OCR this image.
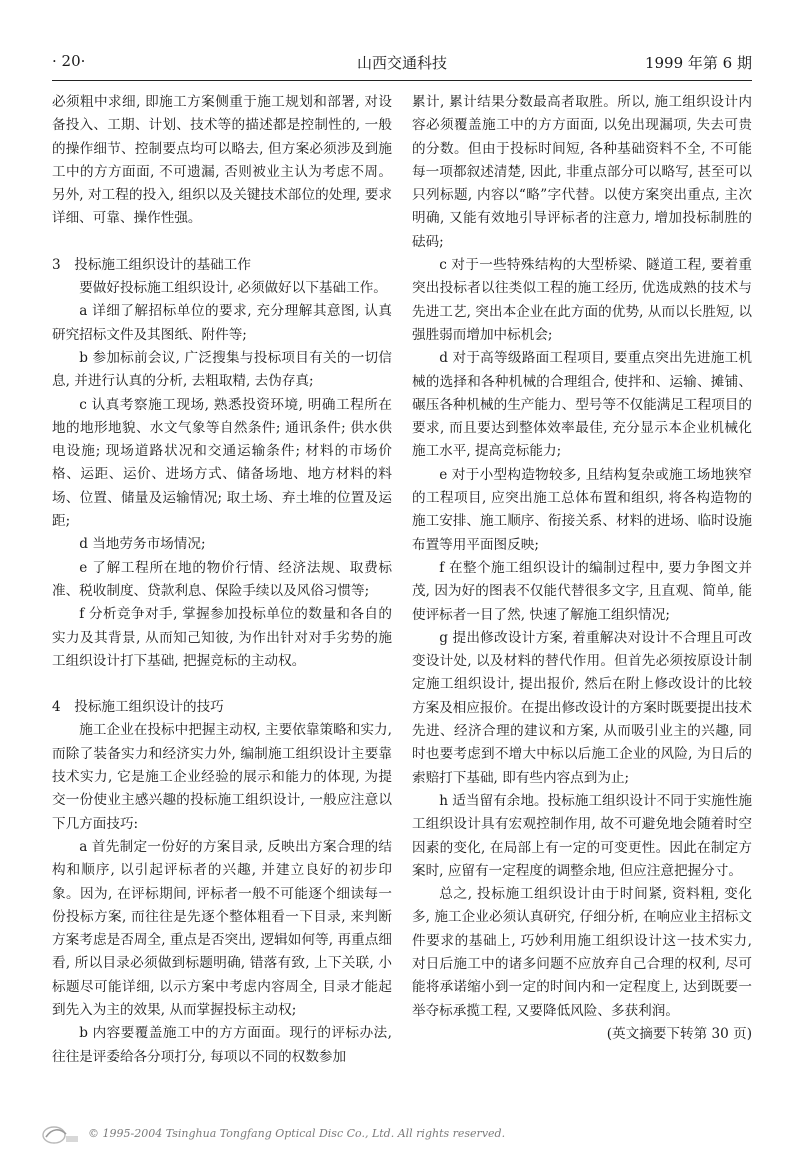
· 20·	山西交通科技	1999 年第 6 期

必须粗中求细, 即施工方案侧重于施工规划和部署, 对设备投入、工期、计划、技术等的描述都是控制性的, 一般的操作细节、控制要点均可以略去, 但方案必须涉及到施工中的方方面面, 不可遗漏, 否则被业主认为考虑不周。另外, 对工程的投入, 组织以及关键技术部位的处理, 要求详细、可靠、操作性强。

3　投标施工组织设计的基础工作

要做好投标施工组织设计, 必须做好以下基础工作。

a 详细了解招标单位的要求, 充分理解其意图, 认真研究招标文件及其图纸、附件等;

b 参加标前会议, 广泛搜集与投标项目有关的一切信息, 并进行认真的分析, 去粗取精, 去伪存真;

c 认真考察施工现场, 熟悉投资环境, 明确工程所在地的地形地貌、水文气象等自然条件; 通讯条件; 供水供电设施; 现场道路状况和交通运输条件; 材料的市场价格、运距、运价、进场方式、储备场地、地方材料的料场、位置、储量及运输情况; 取土场、弃土堆的位置及运距;

d 当地劳务市场情况;

e 了解工程所在地的物价行情、经济法规、取费标准、税收制度、贷款利息、保险手续以及风俗习惯等;

f 分析竞争对手, 掌握参加投标单位的数量和各自的实力及其背景, 从而知己知彼, 为作出针对对手劣势的施工组织设计打下基础, 把握竞标的主动权。

4　投标施工组织设计的技巧

施工企业在投标中把握主动权, 主要依靠策略和实力, 而除了装备实力和经济实力外, 编制施工组织设计主要靠技术实力, 它是施工企业经验的展示和能力的体现, 为提交一份使业主感兴趣的投标施工组织设计, 一般应注意以下几方面技巧:

a 首先制定一份好的方案目录, 反映出方案合理的结构和顺序, 以引起评标者的兴趣, 并建立良好的初步印象。因为, 在评标期间, 评标者一般不可能逐个细读每一份投标方案, 而往往是先逐个整体粗看一下目录, 来判断方案考虑是否周全, 重点是否突出, 逻辑如何等, 再重点细看, 所以目录必须做到标题明确, 错落有致, 上下关联, 小标题尽可能详细, 以示方案中考虑内容周全, 目录才能起到先入为主的效果, 从而掌握投标主动权;

b 内容要覆盖施工中的方方面面。现行的评标办法, 往往是评委给各分项打分, 每项以不同的权数参加

累计, 累计结果分数最高者取胜。所以, 施工组织设计内容必须覆盖施工中的方方面面, 以免出现漏项, 失去可贵的分数。但由于投标时间短, 各种基础资料不全, 不可能每一项都叙述清楚, 因此, 非重点部分可以略写, 甚至可以只列标题, 内容以“略”字代替。以使方案突出重点, 主次明确, 又能有效地引导评标者的注意力, 增加投标制胜的砝码;

c 对于一些特殊结构的大型桥梁、隧道工程, 要着重突出投标者以往类似工程的施工经历, 优选成熟的技术与先进工艺, 突出本企业在此方面的优势, 从而以长胜短, 以强胜弱而增加中标机会;

d 对于高等级路面工程项目, 要重点突出先进施工机械的选择和各种机械的合理组合, 使拌和、运输、摊铺、碾压各种机械的生产能力、型号等不仅能满足工程项目的要求, 而且要达到整体效率最佳, 充分显示本企业机械化施工水平, 提高竞标能力;

e 对于小型构造物较多, 且结构复杂或施工场地狭窄的工程项目, 应突出施工总体布置和组织, 将各构造物的施工安排、施工顺序、衔接关系、材料的进场、临时设施布置等用平面图反映;

f 在整个施工组织设计的编制过程中, 要力争图文并茂, 因为好的图表不仅能代替很多文字, 且直观、简单, 能使评标者一目了然, 快速了解施工组织情况;

g 提出修改设计方案, 着重解决对设计不合理且可改变设计处, 以及材料的替代作用。但首先必须按原设计制定施工组织设计, 提出报价, 然后在附上修改设计的比较方案及相应报价。在提出修改设计的方案时既要提出技术先进、经济合理的建议和方案, 从而吸引业主的兴趣, 同时也要考虑到不增大中标以后施工企业的风险, 为日后的索赔打下基础, 即有些内容点到为止;

h 适当留有余地。投标施工组织设计不同于实施性施工组织设计具有宏观控制作用, 故不可避免地会随着时空因素的变化, 在局部上有一定的可变更性。因此在制定方案时, 应留有一定程度的调整余地, 但应注意把握分寸。

总之, 投标施工组织设计由于时间紧, 资料粗, 变化多, 施工企业必须认真研究, 仔细分析, 在响应业主招标文件要求的基础上, 巧妙利用施工组织设计这一技术实力, 对日后施工中的诸多问题不应放弃自己合理的权利, 尽可能将承诺缩小到一定的时间内和一定程度上, 达到既要一举夺标承揽工程, 又要降低风险、多获利润。

(英文摘要下转第 30 页)

© 1995-2004 Tsinghua Tongfang Optical Disc Co., Ltd. All rights reserved.
